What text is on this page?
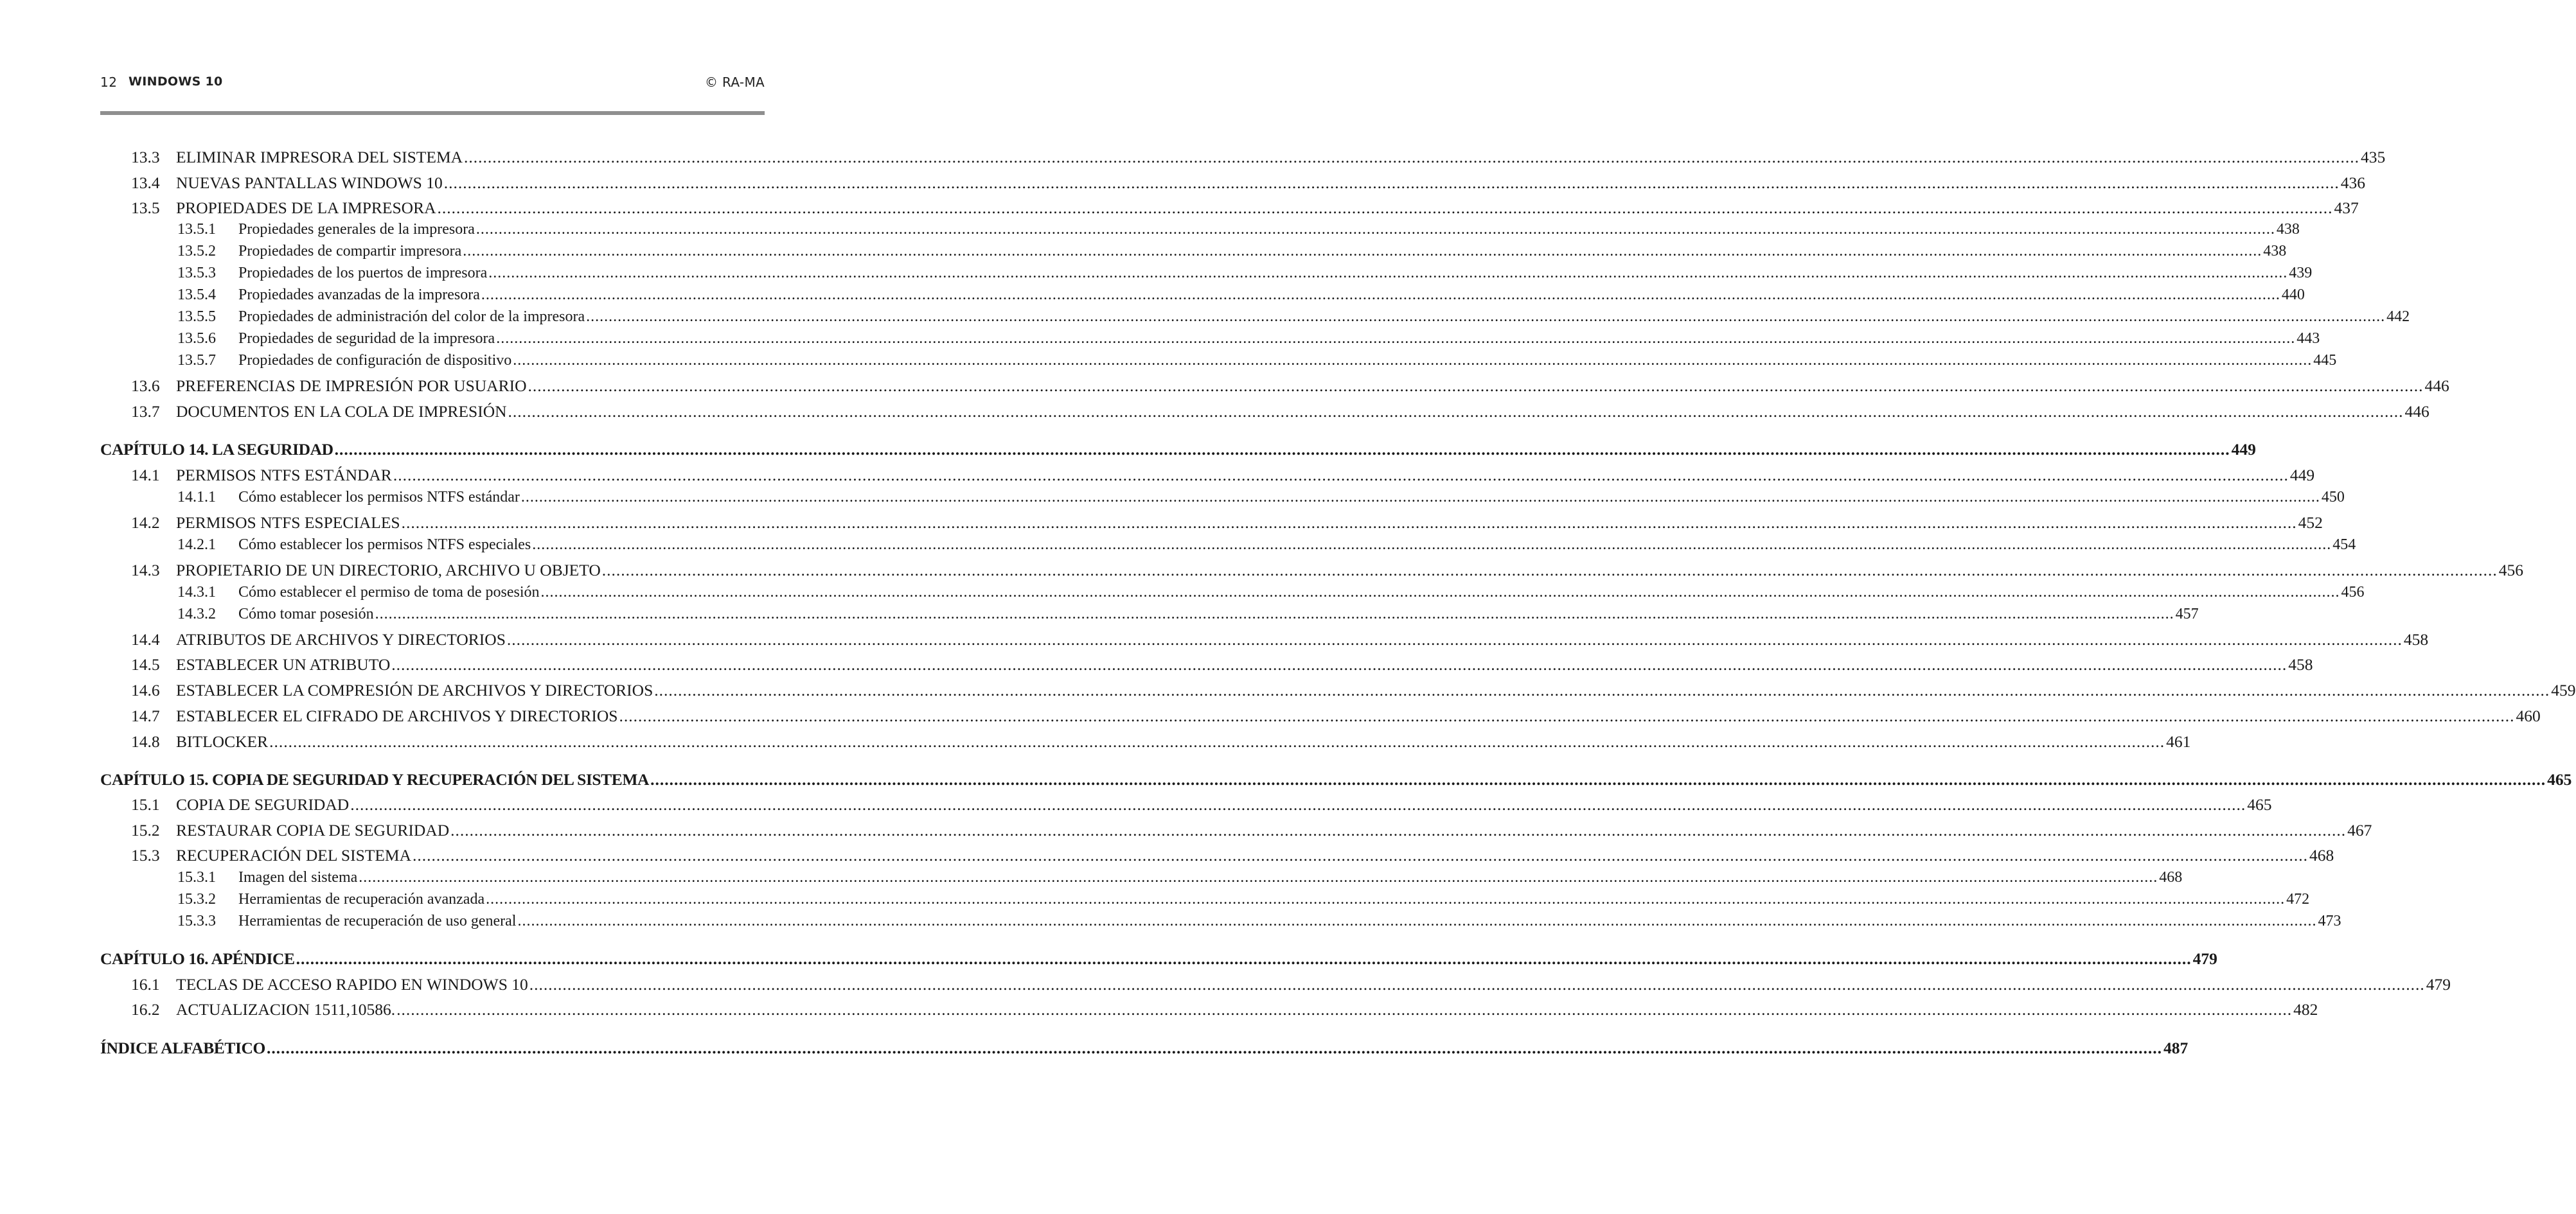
12 WINDOWS 10	© RA-MA
13.3 ELIMINAR IMPRESORA DEL SISTEMA ................................................................................................................................................................................................................................................................................................................................................................................................................ 435
13.4 NUEVAS PANTALLAS WINDOWS 10 ................................................................................................................................................................................................................................................................................................................................................................................................................ 436
13.5 PROPIEDADES DE LA IMPRESORA ................................................................................................................................................................................................................................................................................................................................................................................................................ 437
13.5.1	Propiedades generales de la impresora ................................................................................................................................................................................................................................................................................................................................................................................................................ 438
13.5.2	Propiedades de compartir impresora ................................................................................................................................................................................................................................................................................................................................................................................................................ 438
13.5.3	Propiedades de los puertos de impresora ................................................................................................................................................................................................................................................................................................................................................................................................................ 439
13.5.4	Propiedades avanzadas de la impresora ................................................................................................................................................................................................................................................................................................................................................................................................................ 440
13.5.5	Propiedades de administración del color de la impresora ................................................................................................................................................................................................................................................................................................................................................................................................................ 442
13.5.6	Propiedades de seguridad de la impresora ................................................................................................................................................................................................................................................................................................................................................................................................................ 443
13.5.7	Propiedades de configuración de dispositivo ................................................................................................................................................................................................................................................................................................................................................................................................................ 445
13.6 PREFERENCIAS DE IMPRESIÓN POR USUARIO ................................................................................................................................................................................................................................................................................................................................................................................................................ 446
13.7 DOCUMENTOS EN LA COLA DE IMPRESIÓN ................................................................................................................................................................................................................................................................................................................................................................................................................ 446
CAPÍTULO 14. LA SEGURIDAD ................................................................................................................................................................................................................................................................................................................................................................................................................ 449
14.1 PERMISOS NTFS ESTÁNDAR ................................................................................................................................................................................................................................................................................................................................................................................................................ 449
14.1.1	Cómo establecer los permisos NTFS estándar ................................................................................................................................................................................................................................................................................................................................................................................................................ 450
14.2 PERMISOS NTFS ESPECIALES ................................................................................................................................................................................................................................................................................................................................................................................................................ 452
14.2.1	Cómo establecer los permisos NTFS especiales ................................................................................................................................................................................................................................................................................................................................................................................................................ 454
14.3 PROPIETARIO DE UN DIRECTORIO, ARCHIVO U OBJETO ................................................................................................................................................................................................................................................................................................................................................................................................................ 456
14.3.1	Cómo establecer el permiso de toma de posesión ................................................................................................................................................................................................................................................................................................................................................................................................................ 456
14.3.2	Cómo tomar posesión ................................................................................................................................................................................................................................................................................................................................................................................................................ 457
14.4 ATRIBUTOS DE ARCHIVOS Y DIRECTORIOS ................................................................................................................................................................................................................................................................................................................................................................................................................ 458
14.5 ESTABLECER UN ATRIBUTO ................................................................................................................................................................................................................................................................................................................................................................................................................ 458
14.6 ESTABLECER LA COMPRESIÓN DE ARCHIVOS Y DIRECTORIOS ................................................................................................................................................................................................................................................................................................................................................................................................................ 459
14.7 ESTABLECER EL CIFRADO DE ARCHIVOS Y DIRECTORIOS ................................................................................................................................................................................................................................................................................................................................................................................................................ 460
14.8 BITLOCKER ................................................................................................................................................................................................................................................................................................................................................................................................................ 461
CAPÍTULO 15. COPIA DE SEGURIDAD Y RECUPERACIÓN DEL SISTEMA ................................................................................................................................................................................................................................................................................................................................................................................................................ 465
15.1 COPIA DE SEGURIDAD ................................................................................................................................................................................................................................................................................................................................................................................................................ 465
15.2 RESTAURAR COPIA DE SEGURIDAD ................................................................................................................................................................................................................................................................................................................................................................................................................ 467
15.3 RECUPERACIÓN DEL SISTEMA ................................................................................................................................................................................................................................................................................................................................................................................................................ 468
15.3.1	Imagen del sistema ................................................................................................................................................................................................................................................................................................................................................................................................................ 468
15.3.2	Herramientas de recuperación avanzada ................................................................................................................................................................................................................................................................................................................................................................................................................ 472
15.3.3	Herramientas de recuperación de uso general ................................................................................................................................................................................................................................................................................................................................................................................................................ 473
CAPÍTULO 16. APÉNDICE ................................................................................................................................................................................................................................................................................................................................................................................................................ 479
16.1 TECLAS DE ACCESO RAPIDO EN WINDOWS 10 ................................................................................................................................................................................................................................................................................................................................................................................................................ 479
16.2 ACTUALIZACION 1511,10586. ................................................................................................................................................................................................................................................................................................................................................................................................................ 482
ÍNDICE ALFABÉTICO ................................................................................................................................................................................................................................................................................................................................................................................................................ 487
